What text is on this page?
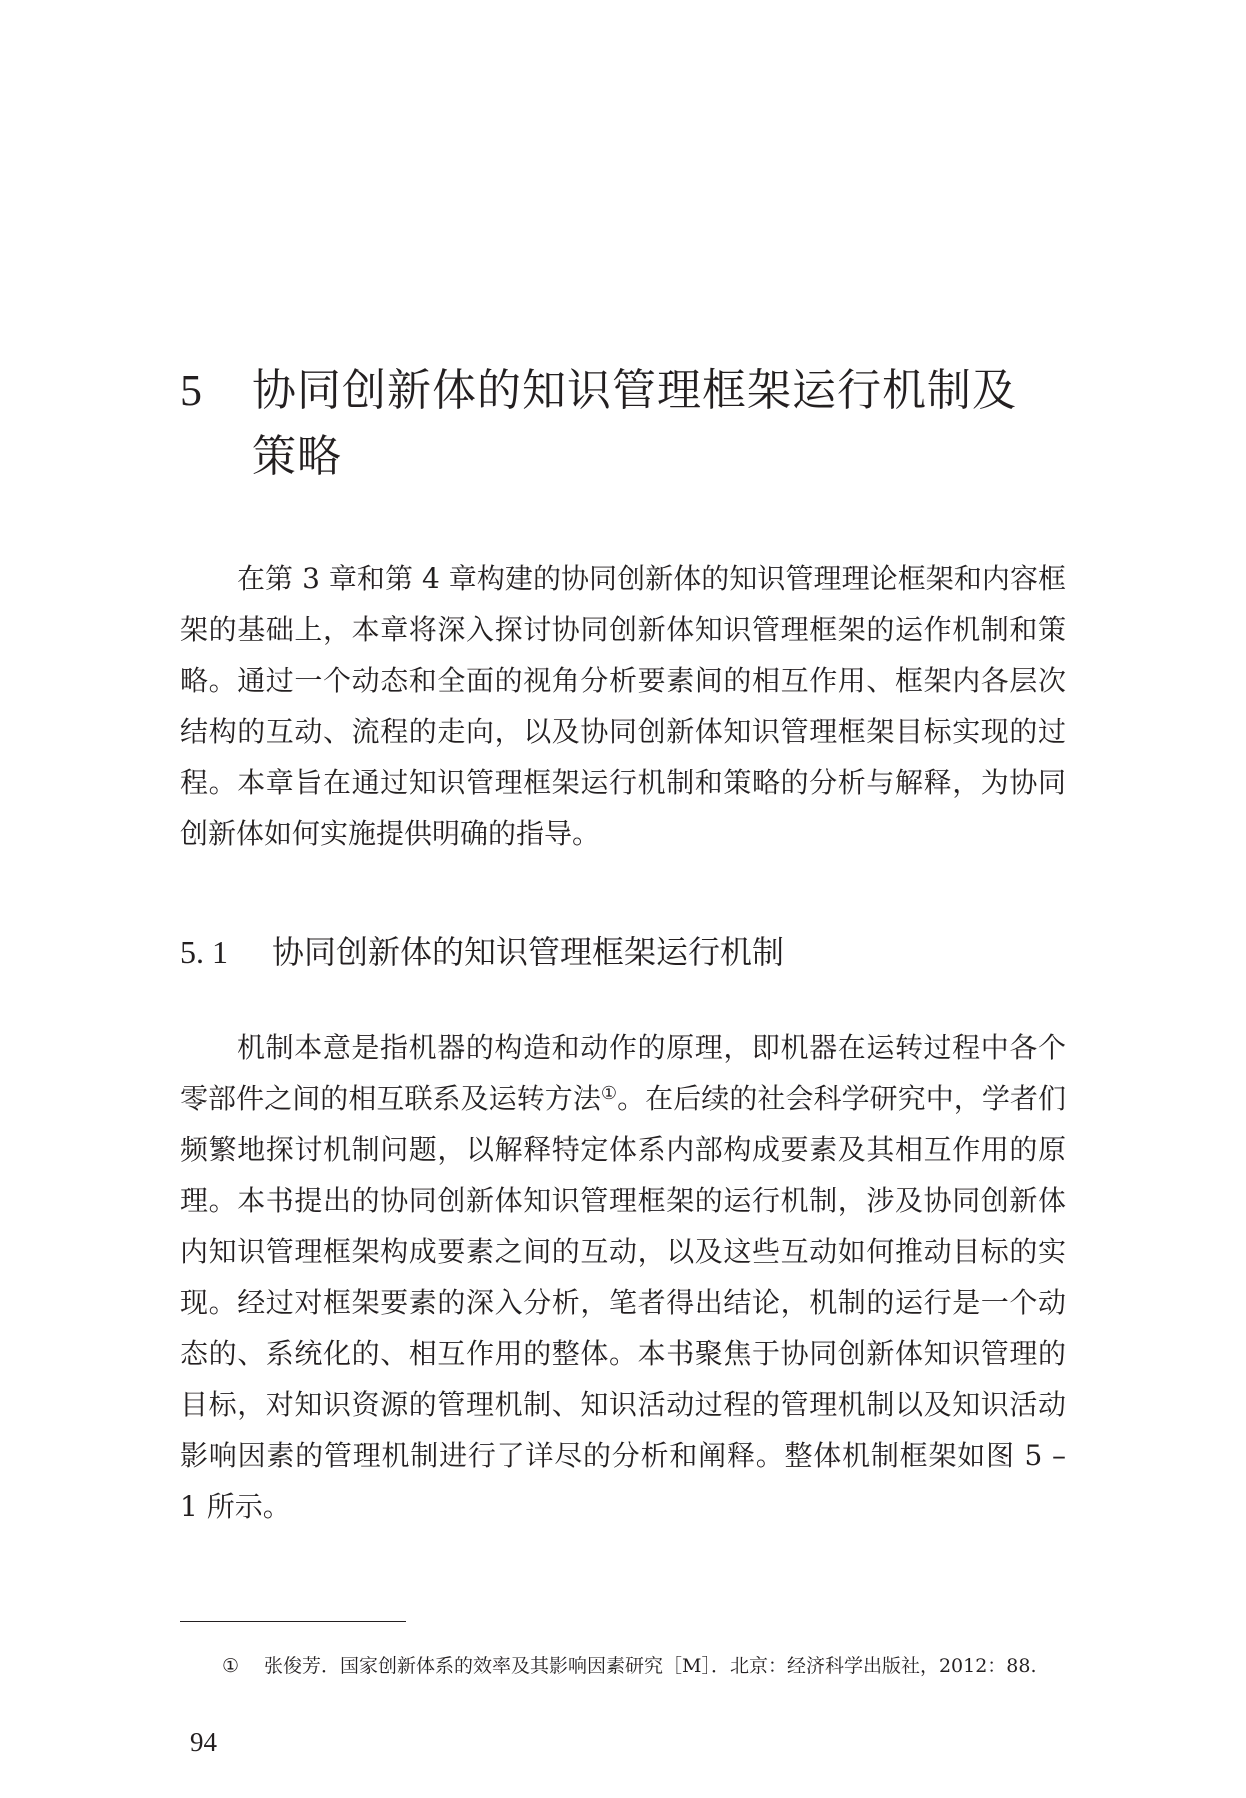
5 协同创新体的知识管理框架运行机制及策略

在第 3 章和第 4 章构建的协同创新体的知识管理理论框架和内容框架的基础上，本章将深入探讨协同创新体知识管理框架的运作机制和策略。通过一个动态和全面的视角分析要素间的相互作用、框架内各层次结构的互动、流程的走向，以及协同创新体知识管理框架目标实现的过程。本章旨在通过知识管理框架运行机制和策略的分析与解释，为协同创新体如何实施提供明确的指导。

5. 1 协同创新体的知识管理框架运行机制

机制本意是指机器的构造和动作的原理，即机器在运转过程中各个零部件之间的相互联系及运转方法①。在后续的社会科学研究中，学者们频繁地探讨机制问题，以解释特定体系内部构成要素及其相互作用的原理。本书提出的协同创新体知识管理框架的运行机制，涉及协同创新体内知识管理框架构成要素之间的互动，以及这些互动如何推动目标的实现。经过对框架要素的深入分析，笔者得出结论，机制的运行是一个动态的、系统化的、相互作用的整体。本书聚焦于协同创新体知识管理的目标，对知识资源的管理机制、知识活动过程的管理机制以及知识活动影响因素的管理机制进行了详尽的分析和阐释。整体机制框架如图 5 – 1 所示。

① 张俊芳．国家创新体系的效率及其影响因素研究［M］．北京：经济科学出版社，2012：88.
94
